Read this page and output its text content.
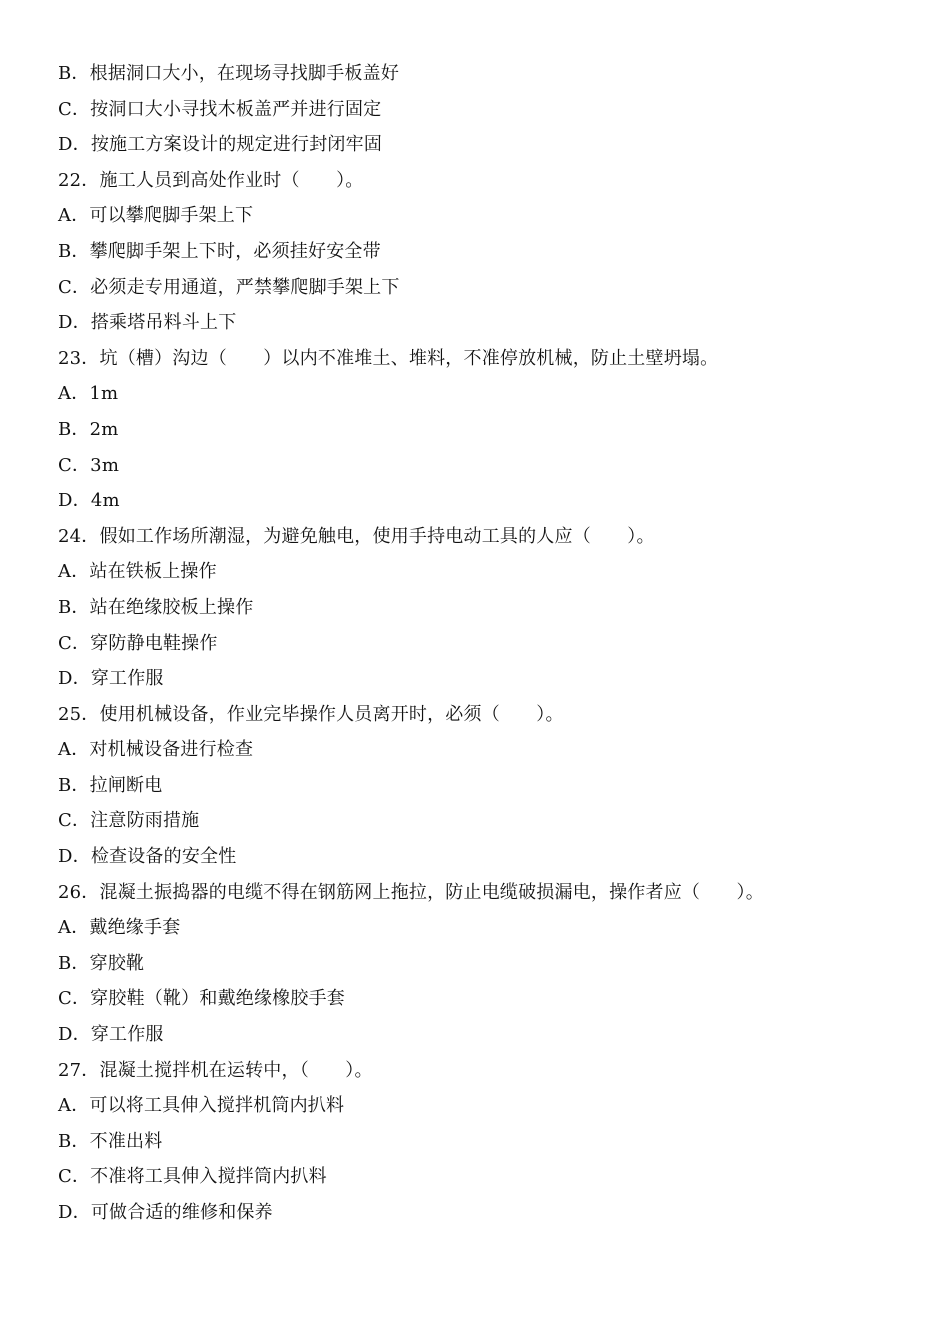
B．根据洞口大小，在现场寻找脚手板盖好
C．按洞口大小寻找木板盖严并进行固定
D．按施工方案设计的规定进行封闭牢固
22．施工人员到高处作业时（　　）。
A．可以攀爬脚手架上下
B．攀爬脚手架上下时，必须挂好安全带
C．必须走专用通道，严禁攀爬脚手架上下
D．搭乘塔吊料斗上下
23．坑（槽）沟边（　　）以内不准堆土、堆料，不准停放机械，防止土壁坍塌。
A．1m
B．2m
C．3m
D．4m
24．假如工作场所潮湿，为避免触电，使用手持电动工具的人应（　　）。
A．站在铁板上操作
B．站在绝缘胶板上操作
C．穿防静电鞋操作
D．穿工作服
25．使用机械设备，作业完毕操作人员离开时，必须（　　）。
A．对机械设备进行检查
B．拉闸断电
C．注意防雨措施
D．检查设备的安全性
26．混凝土振捣器的电缆不得在钢筋网上拖拉，防止电缆破损漏电，操作者应（　　）。
A．戴绝缘手套
B．穿胶靴
C．穿胶鞋（靴）和戴绝缘橡胶手套
D．穿工作服
27．混凝土搅拌机在运转中，（　　）。
A．可以将工具伸入搅拌机筒内扒料
B．不准出料
C．不准将工具伸入搅拌筒内扒料
D．可做合适的维修和保养
